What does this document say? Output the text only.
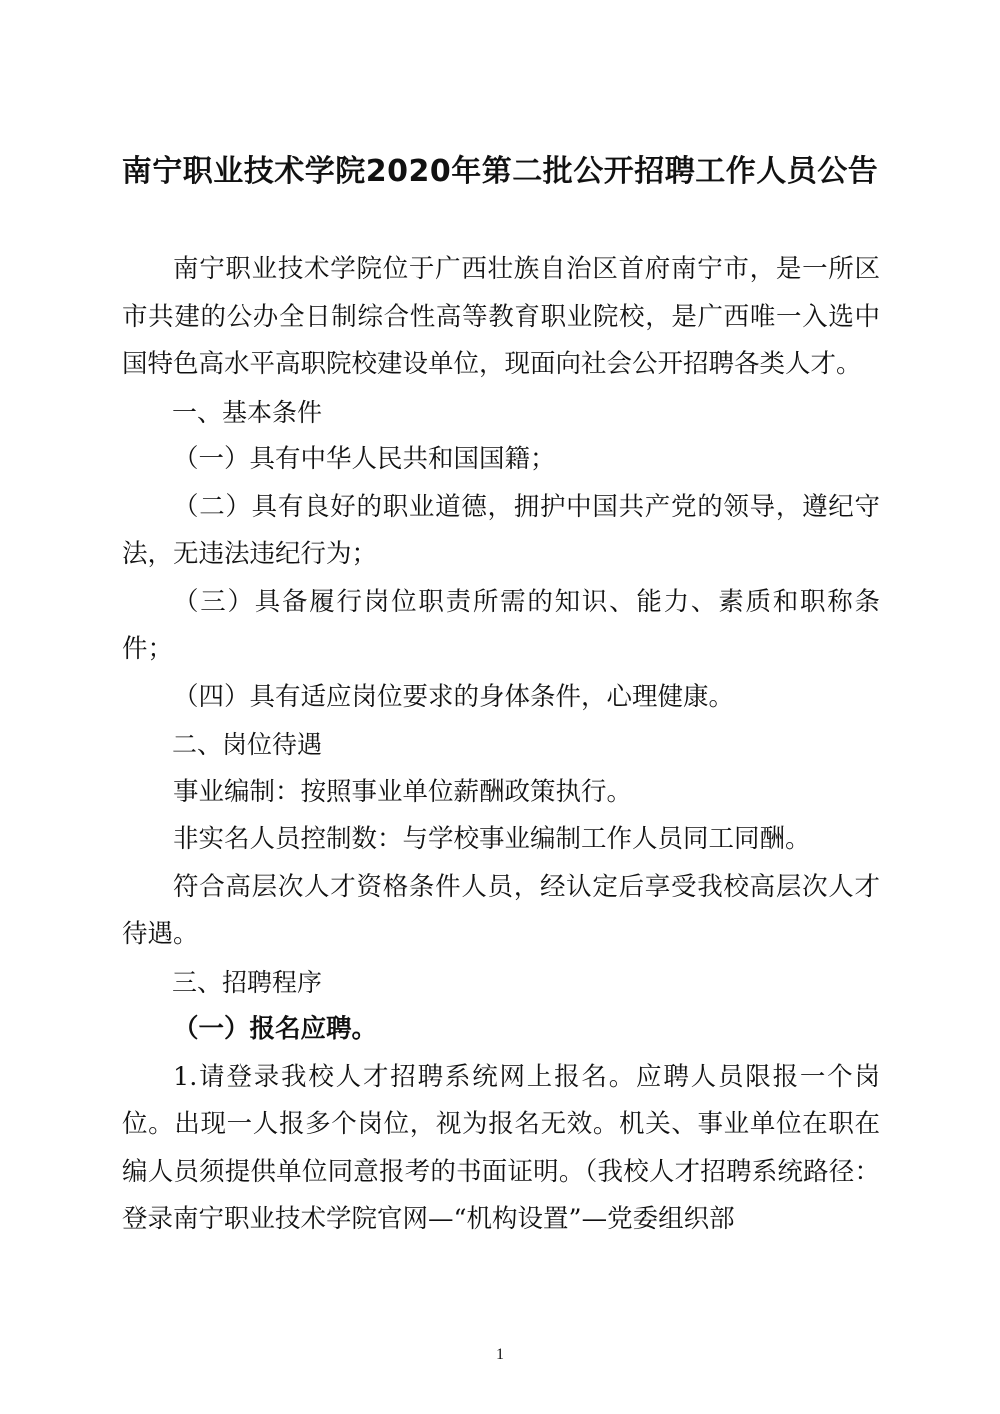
南宁职业技术学院2020年第二批公开招聘工作人员公告

南宁职业技术学院位于广西壮族自治区首府南宁市，是一所区市共建的公办全日制综合性高等教育职业院校，是广西唯一入选中国特色高水平高职院校建设单位，现面向社会公开招聘各类人才。

一、基本条件

（一）具有中华人民共和国国籍；

（二）具有良好的职业道德，拥护中国共产党的领导，遵纪守法，无违法违纪行为；

（三）具备履行岗位职责所需的知识、能力、素质和职称条件；

（四）具有适应岗位要求的身体条件，心理健康。

二、岗位待遇

事业编制：按照事业单位薪酬政策执行。

非实名人员控制数：与学校事业编制工作人员同工同酬。

符合高层次人才资格条件人员，经认定后享受我校高层次人才待遇。

三、招聘程序

（一）报名应聘。

1.请登录我校人才招聘系统网上报名。应聘人员限报一个岗位。出现一人报多个岗位，视为报名无效。机关、事业单位在职在编人员须提供单位同意报考的书面证明。（我校人才招聘系统路径：登录南宁职业技术学院官网—“机构设置”—党委组织部

1
